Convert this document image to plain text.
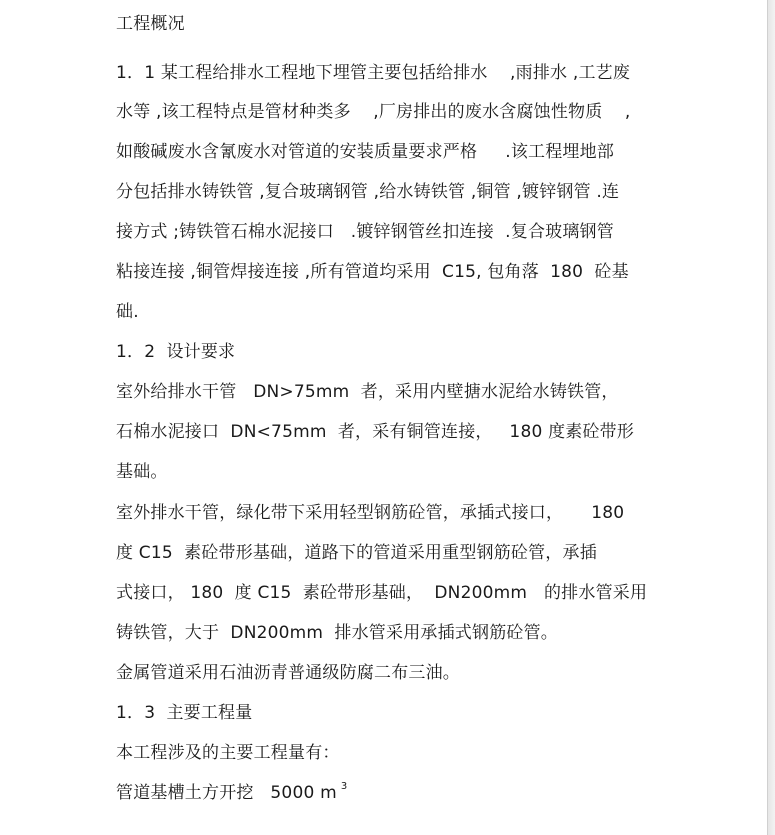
工程概况
1．1 某工程给排水工程地下埋管主要包括给排水    ,雨排水 ,工艺废
水等 ,该工程特点是管材种类多    ,厂房排出的废水含腐蚀性物质    ,
如酸碱废水含氰废水对管道的安装质量要求严格     .该工程埋地部
分包括排水铸铁管 ,复合玻璃钢管 ,给水铸铁管 ,铜管 ,镀锌钢管 .连
接方式 ;铸铁管石棉水泥接口   .镀锌钢管丝扣连接  .复合玻璃钢管
粘接连接 ,铜管焊接连接 ,所有管道均采用  C15, 包角落  180  砼基
础.
1．2  设计要求
室外给排水干管   DN>75mm  者，采用内壁搪水泥给水铸铁管，
石棉水泥接口  DN<75mm  者，采有铜管连接，   180 度素砼带形
基础。
室外排水干管，绿化带下采用轻型钢筋砼管，承插式接口，     180
度 C15  素砼带形基础，道路下的管道采用重型钢筋砼管，承插
式接口， 180  度 C15  素砼带形基础，  DN200mm   的排水管采用
铸铁管，大于  DN200mm  排水管采用承插式钢筋砼管。
金属管道采用石油沥青普通级防腐二布三油。
1．3  主要工程量
本工程涉及的主要工程量有：
管道基槽土方开挖   5000 m $^3$
